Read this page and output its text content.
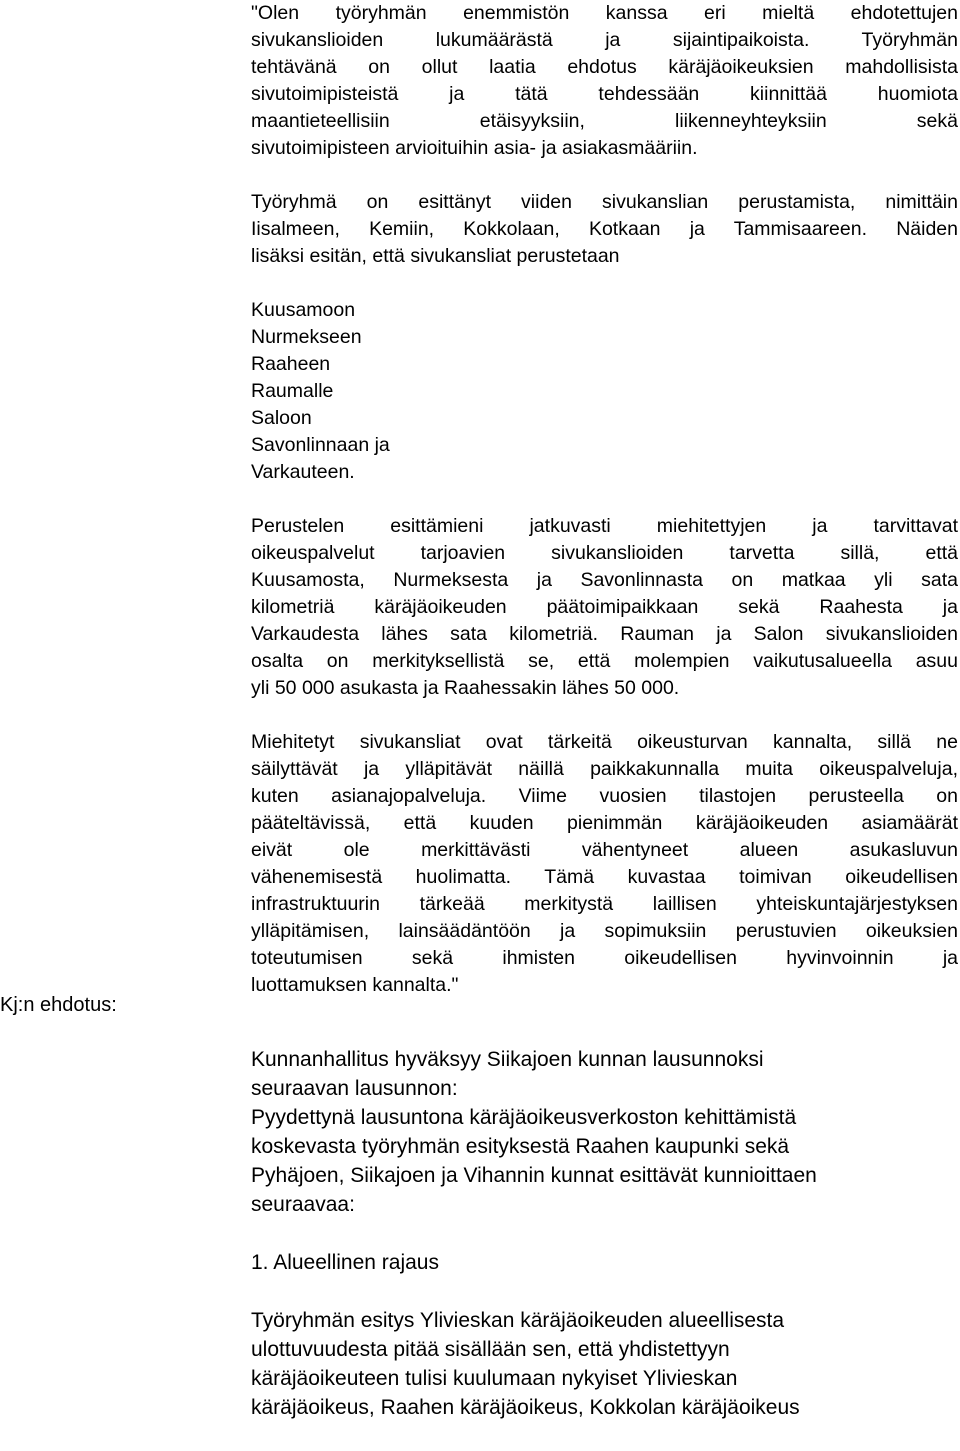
"Olen työryhmän enemmistön kanssa eri mieltä ehdotettujen
sivukanslioiden lukumäärästä ja sijaintipaikoista. Työryhmän
tehtävänä on ollut laatia ehdotus käräjäoikeuksien mahdollisista
sivutoimipisteistä ja tätä tehdessään kiinnittää huomiota
maantieteellisiin etäisyyksiin, liikenneyhteyksiin sekä
sivutoimipisteen arvioituihin asia- ja asiakasmääriin.
Työryhmä on esittänyt viiden sivukanslian perustamista, nimittäin
Iisalmeen, Kemiin, Kokkolaan, Kotkaan ja Tammisaareen. Näiden
lisäksi esitän, että sivukansliat perustetaan
Kuusamoon
Nurmekseen
Raaheen
Raumalle
Saloon
Savonlinnaan ja
Varkauteen.
Perustelen esittämieni jatkuvasti miehitettyjen ja tarvittavat
oikeuspalvelut tarjoavien sivukanslioiden tarvetta sillä, että
Kuusamosta, Nurmeksesta ja Savonlinnasta on matkaa yli sata
kilometriä käräjäoikeuden päätoimipaikkaan sekä Raahesta ja
Varkaudesta lähes sata kilometriä. Rauman ja Salon sivukanslioiden
osalta on merkityksellistä se, että molempien vaikutusalueella asuu
yli 50 000 asukasta ja Raahessakin lähes 50 000.
Miehitetyt sivukansliat ovat tärkeitä oikeusturvan kannalta, sillä ne
säilyttävät ja ylläpitävät näillä paikkakunnalla muita oikeuspalveluja,
kuten asianajopalveluja. Viime vuosien tilastojen perusteella on
pääteltävissä, että kuuden pienimmän käräjäoikeuden asiamäärät
eivät ole merkittävästi vähentyneet alueen asukasluvun
vähenemisestä huolimatta. Tämä kuvastaa toimivan oikeudellisen
infrastruktuurin tärkeää merkitystä laillisen yhteiskuntajärjestyksen
ylläpitämisen, lainsäädäntöön ja sopimuksiin perustuvien oikeuksien
toteutumisen sekä ihmisten oikeudellisen hyvinvoinnin ja
luottamuksen kannalta."
Kj:n ehdotus:
Kunnanhallitus hyväksyy Siikajoen kunnan lausunnoksi
seuraavan lausunnon:
Pyydettynä lausuntona käräjäoikeusverkoston kehittämistä
koskevasta työryhmän esityksestä Raahen kaupunki sekä
Pyhäjoen, Siikajoen ja Vihannin kunnat esittävät kunnioittaen
seuraavaa:
1. Alueellinen rajaus
Työryhmän esitys Ylivieskan käräjäoikeuden alueellisesta
ulottuvuudesta pitää sisällään sen, että yhdistettyyn
käräjäoikeuteen tulisi kuulumaan nykyiset Ylivieskan
käräjäoikeus, Raahen käräjäoikeus, Kokkolan käräjäoikeus
